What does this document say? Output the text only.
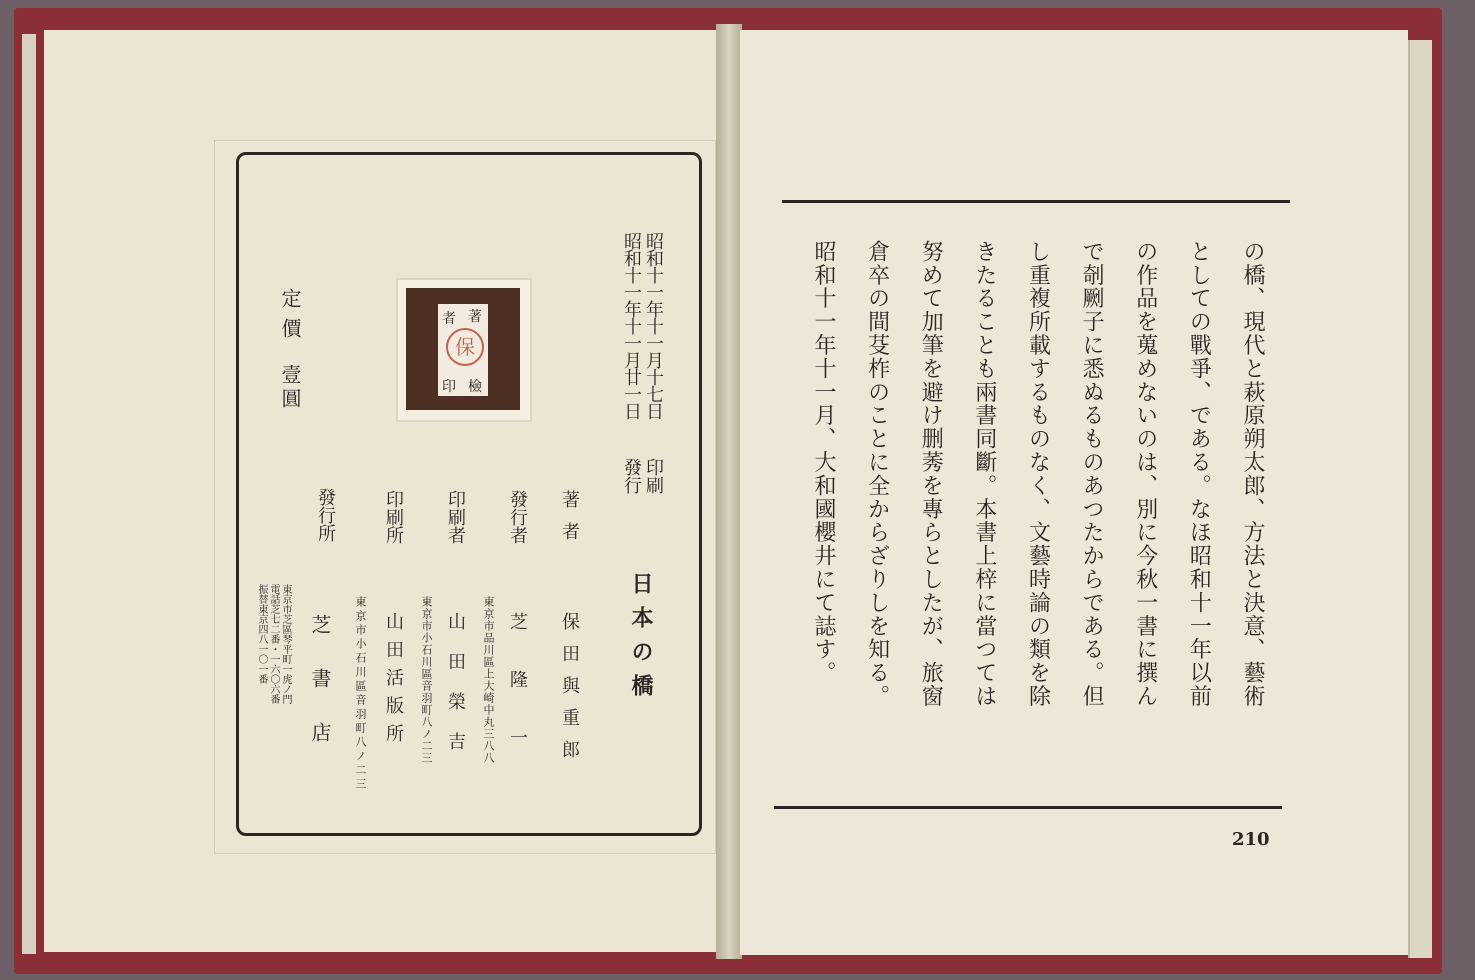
昭和十一年十一月十七日
印刷
昭和十一年十一月廿一日
發行
日本の橋
著者
保田與重郎
發行者
東京市品川區上大崎中丸三八八 芝隆一
印刷者
東京市小石川區音羽町八ノ二三 山田榮吉
印刷所
東京市小石川區音羽町八ノ二三 山田活版所
發行所
芝書店
東京市芝區琴平町一虎ノ門
電話芝七二番・一六〇六番
振替東京四八一〇一番
定價
壹圓
著
者
檢
印
保	の橋、現代と萩原朔太郎、方法と決意、藝術
としての戰爭、である。なほ昭和十一年以前
の作品を蒐めないのは、別に今秋一書に撰ん
で剞劂子に悉ぬるものあつたからである。但
し重複所載するものなく、文藝時論の類を除
きたることも兩書同斷。本書上梓に當つては
努めて加筆を避け删莠を專らとしたが、旅窗
倉卒の間芟柞のことに全からざりしを知る。
昭和十一年十一月、大和國櫻井にて誌す。
210
